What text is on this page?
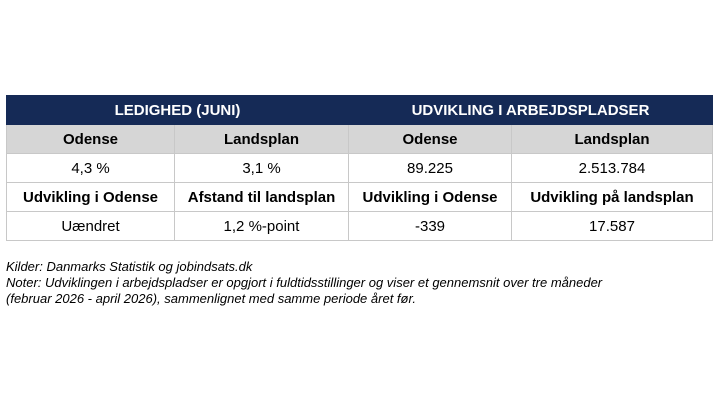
LEDIGHED (JUNI)		UDVIKLING I ARBEJDSPLADSER	
Odense	Landsplan	Odense	Landsplan
4,3 %	3,1 %	89.225	2.513.784
Udvikling i Odense	Afstand til landsplan	Udvikling i Odense	Udvikling på landsplan
Uændret	1,2 %-point	-339	17.587
Kilder: Danmarks Statistik og jobindsats.dk
Noter: Udviklingen i arbejdspladser er opgjort i fuldtidsstillinger og viser et gennemsnit over tre måneder
(februar 2026 - april 2026), sammenlignet med samme periode året før.
